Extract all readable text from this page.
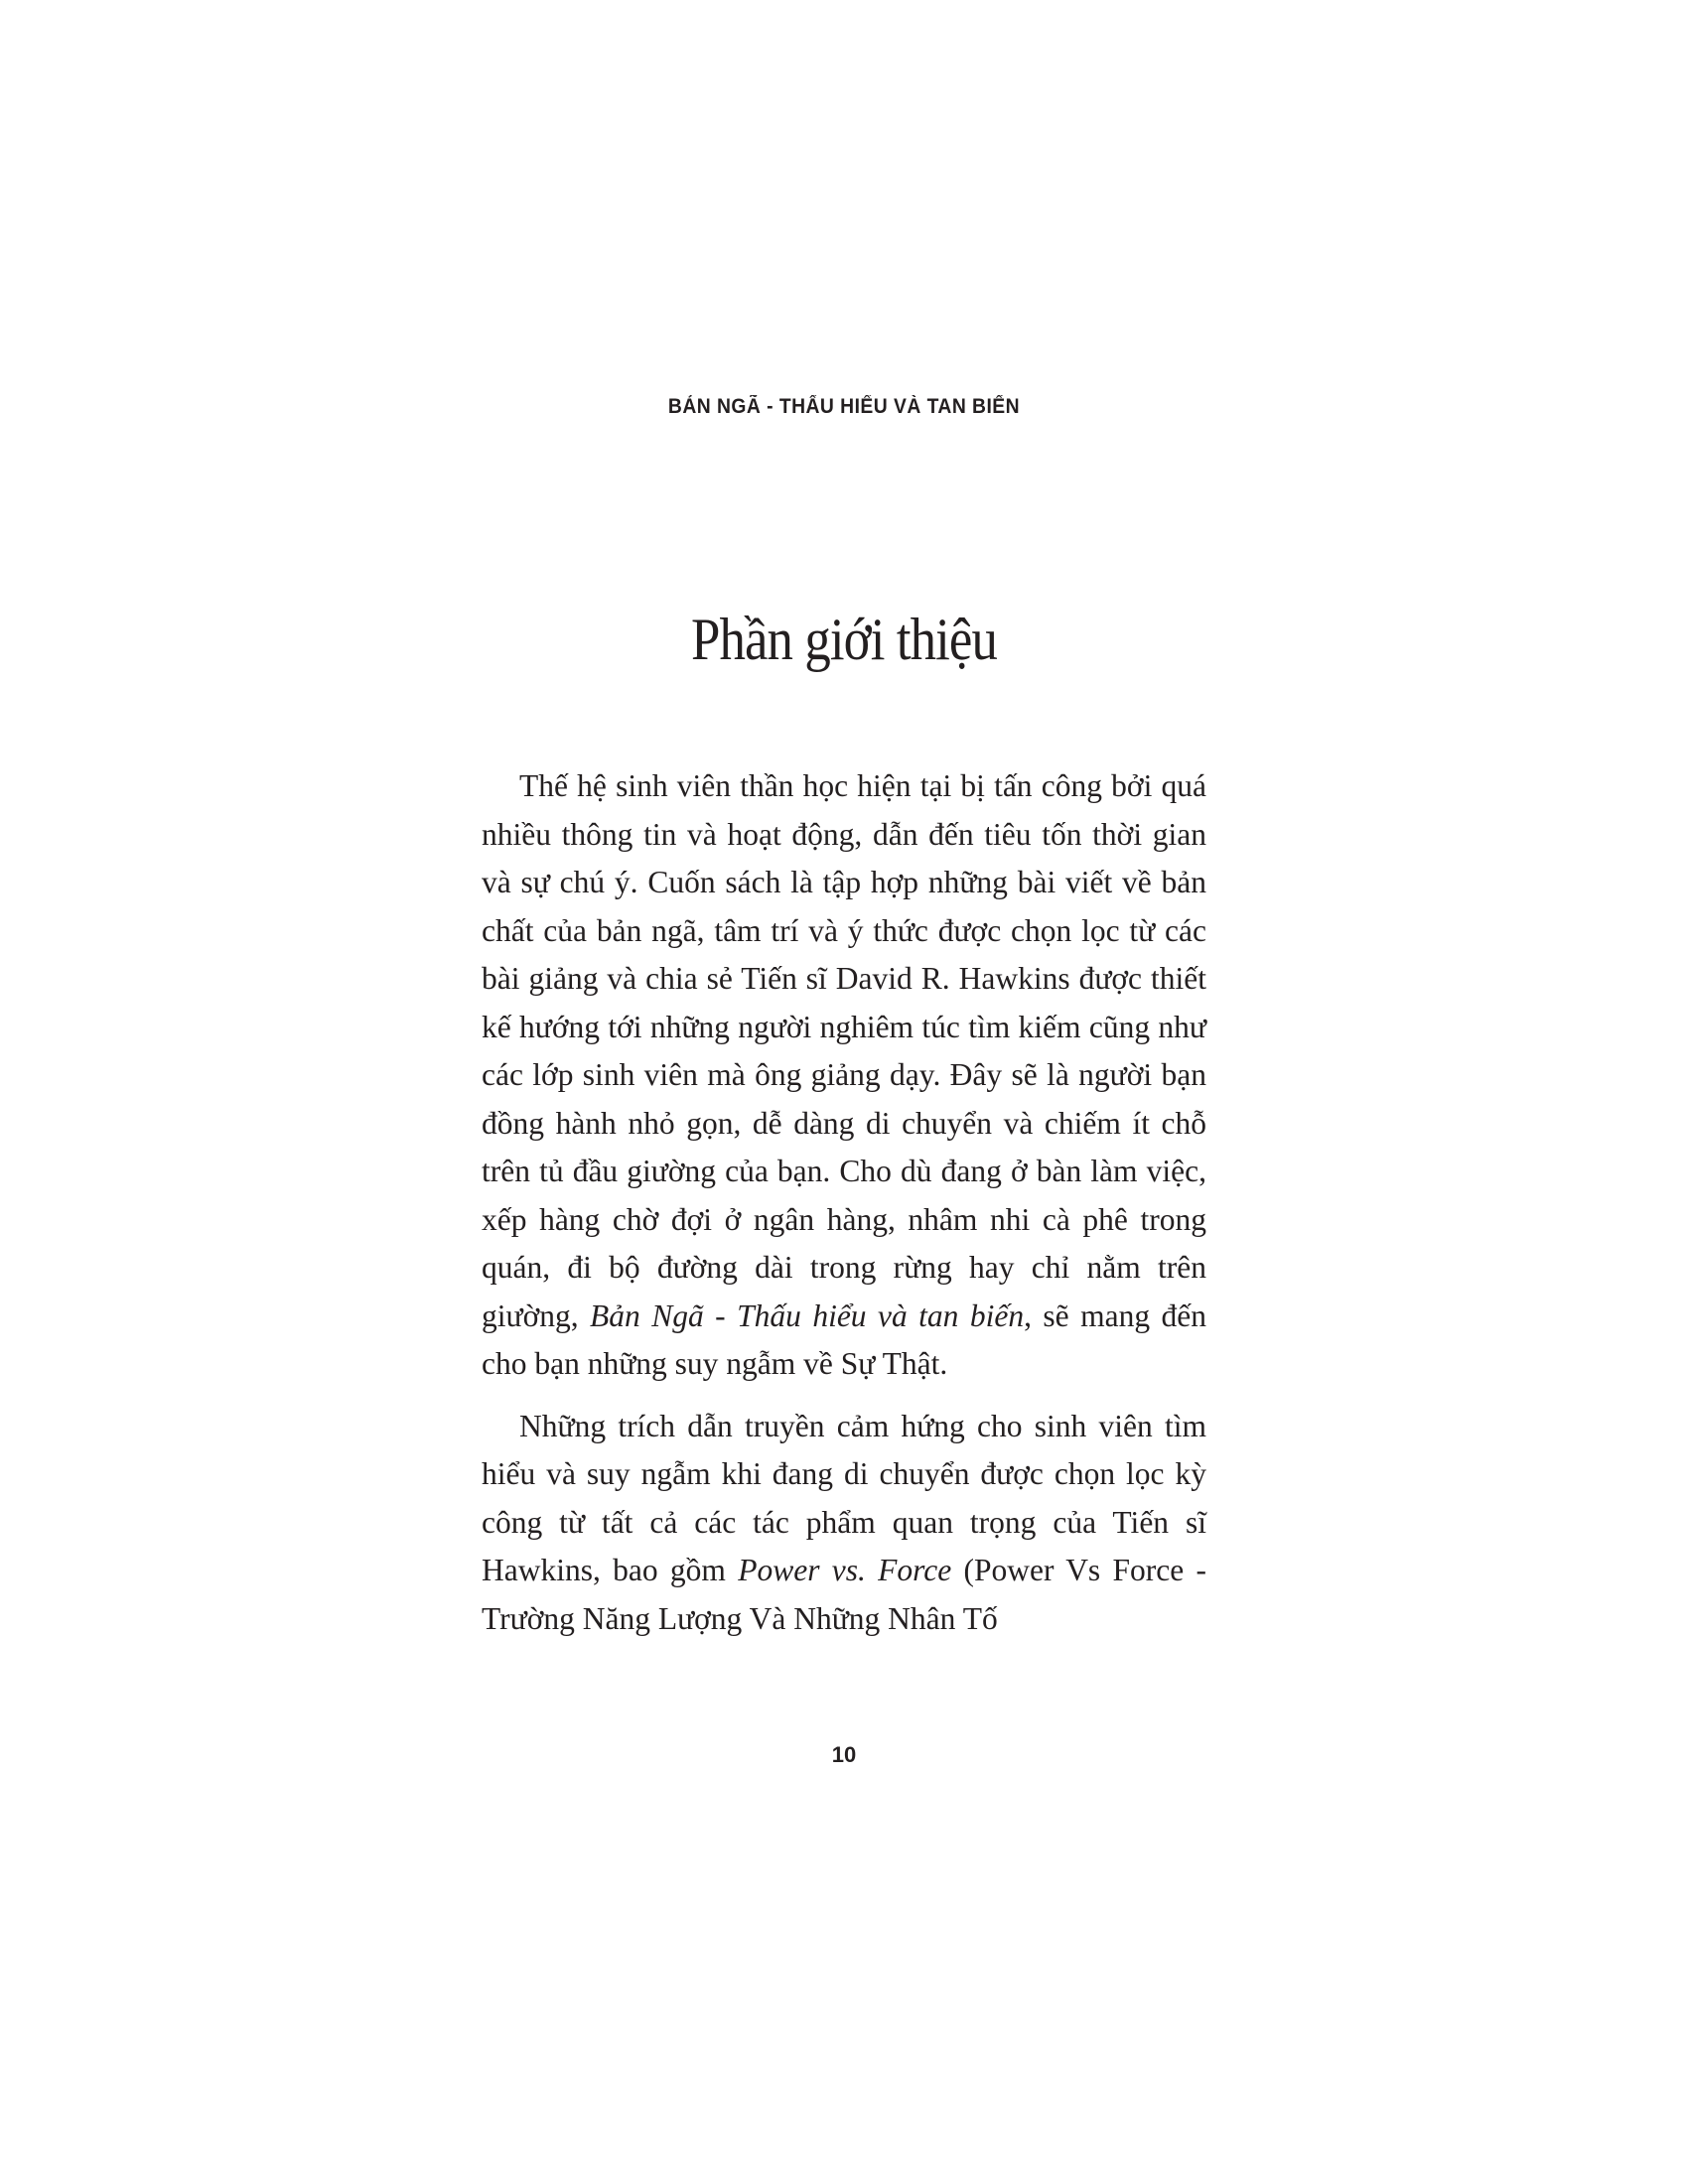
BẢN NGÃ - THẤU HIỂU VÀ TAN BIẾN
Phần giới thiệu

Thế hệ sinh viên thần học hiện tại bị tấn công bởi quá nhiều thông tin và hoạt động, dẫn đến tiêu tốn thời gian và sự chú ý. Cuốn sách là tập hợp những bài viết về bản chất của bản ngã, tâm trí và ý thức được chọn lọc từ các bài giảng và chia sẻ Tiến sĩ David R. Hawkins được thiết kế hướng tới những người nghiêm túc tìm kiếm cũng như các lớp sinh viên mà ông giảng dạy. Đây sẽ là người bạn đồng hành nhỏ gọn, dễ dàng di chuyển và chiếm ít chỗ trên tủ đầu giường của bạn. Cho dù đang ở bàn làm việc, xếp hàng chờ đợi ở ngân hàng, nhâm nhi cà phê trong quán, đi bộ đường dài trong rừng hay chỉ nằm trên giường, Bản Ngã - Thấu hiểu và tan biến, sẽ mang đến cho bạn những suy ngẫm về Sự Thật.

Những trích dẫn truyền cảm hứng cho sinh viên tìm hiểu và suy ngẫm khi đang di chuyển được chọn lọc kỳ công từ tất cả các tác phẩm quan trọng của Tiến sĩ Hawkins, bao gồm Power vs. Force (Power Vs Force - Trường Năng Lượng Và Những Nhân Tố

10
